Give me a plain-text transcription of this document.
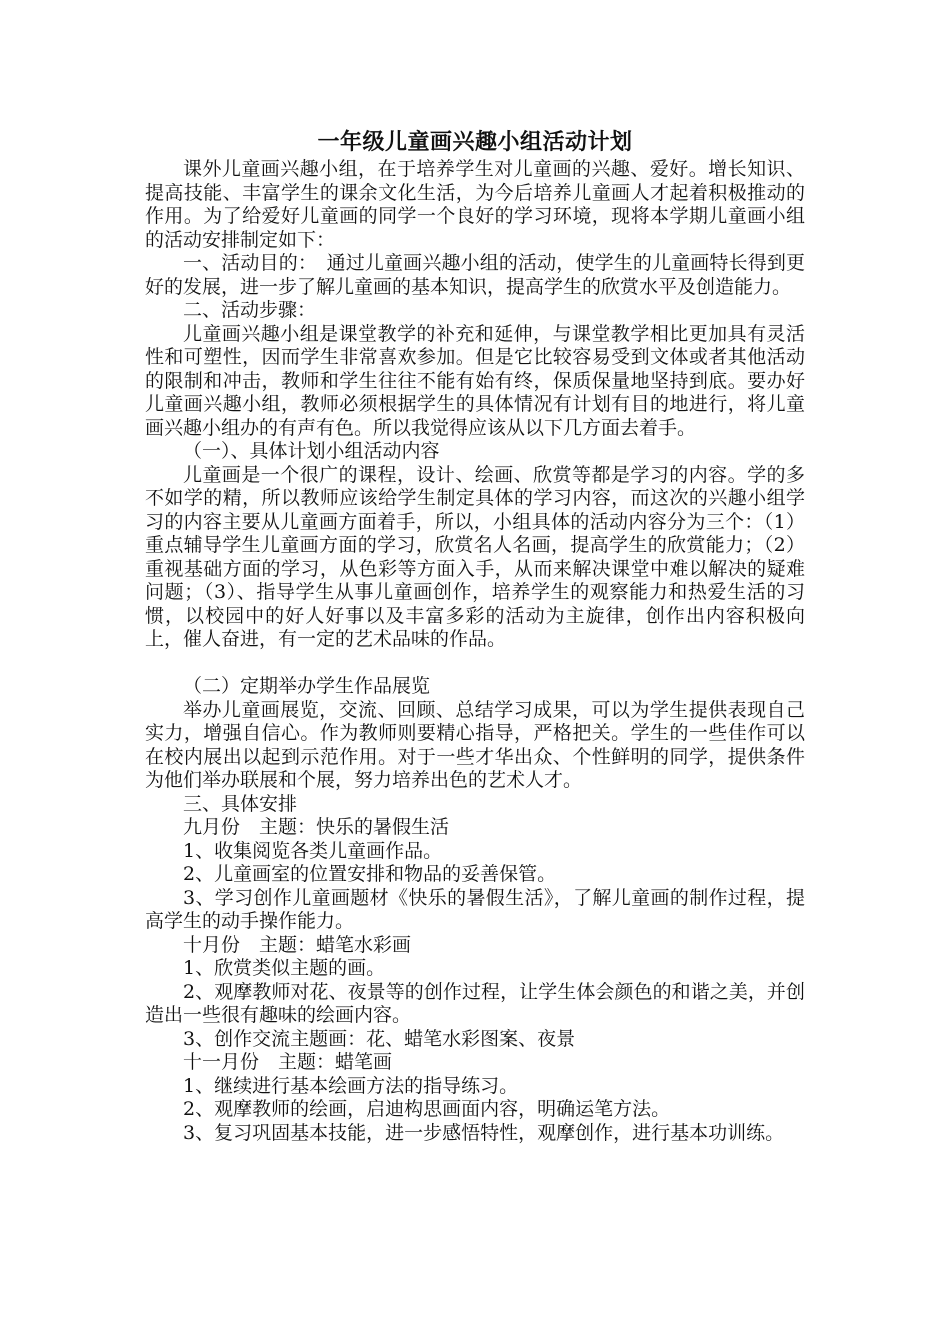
一年级儿童画兴趣小组活动计划

课外儿童画兴趣小组，在于培养学生对儿童画的兴趣、爱好。增长知识、提高技能、丰富学生的课余文化生活，为今后培养儿童画人才起着积极推动的作用。为了给爱好儿童画的同学一个良好的学习环境，现将本学期儿童画小组的活动安排制定如下：

一、活动目的：　通过儿童画兴趣小组的活动，使学生的儿童画特长得到更好的发展，进一步了解儿童画的基本知识，提高学生的欣赏水平及创造能力。

二、活动步骤：

儿童画兴趣小组是课堂教学的补充和延伸，与课堂教学相比更加具有灵活性和可塑性，因而学生非常喜欢参加。但是它比较容易受到文体或者其他活动的限制和冲击，教师和学生往往不能有始有终，保质保量地坚持到底。要办好儿童画兴趣小组，教师必须根据学生的具体情况有计划有目的地进行，将儿童画兴趣小组办的有声有色。所以我觉得应该从以下几方面去着手。

（一）、具体计划小组活动内容

儿童画是一个很广的课程，设计、绘画、欣赏等都是学习的内容。学的多不如学的精，所以教师应该给学生制定具体的学习内容，而这次的兴趣小组学习的内容主要从儿童画方面着手，所以，小组具体的活动内容分为三个：（1）重点辅导学生儿童画方面的学习，欣赏名人名画，提高学生的欣赏能力；（2）重视基础方面的学习，从色彩等方面入手，从而来解决课堂中难以解决的疑难问题；（3）、指导学生从事儿童画创作，培养学生的观察能力和热爱生活的习惯，以校园中的好人好事以及丰富多彩的活动为主旋律，创作出内容积极向上，催人奋进，有一定的艺术品味的作品。

（二）定期举办学生作品展览

举办儿童画展览，交流、回顾、总结学习成果，可以为学生提供表现自己实力，增强自信心。作为教师则要精心指导，严格把关。学生的一些佳作可以在校内展出以起到示范作用。对于一些才华出众、个性鲜明的同学，提供条件为他们举办联展和个展，努力培养出色的艺术人才。

三、具体安排

九月份　主题：快乐的暑假生活

1、收集阅览各类儿童画作品。

2、儿童画室的位置安排和物品的妥善保管。

3、学习创作儿童画题材《快乐的暑假生活》，了解儿童画的制作过程，提高学生的动手操作能力。

十月份　主题：蜡笔水彩画

1、欣赏类似主题的画。

2、观摩教师对花、夜景等的创作过程，让学生体会颜色的和谐之美，并创造出一些很有趣味的绘画内容。

3、创作交流主题画：花、蜡笔水彩图案、夜景

十一月份　主题：蜡笔画

1、继续进行基本绘画方法的指导练习。

2、观摩教师的绘画，启迪构思画面内容，明确运笔方法。

3、复习巩固基本技能，进一步感悟特性，观摩创作，进行基本功训练。
